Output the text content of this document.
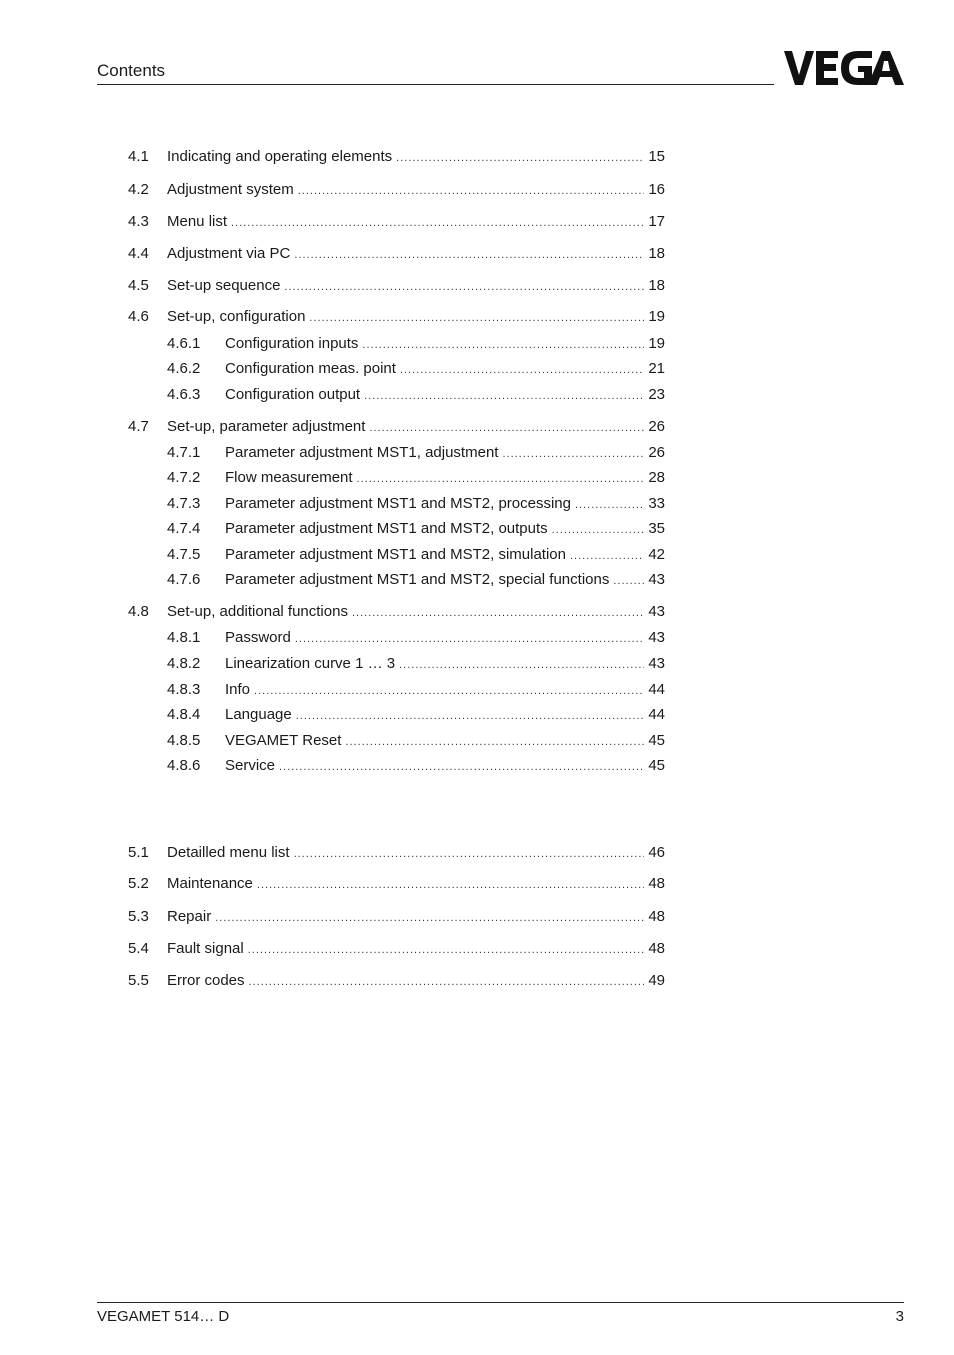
Contents
4.1 Indicating and operating elements .....	15
4.2 Adjustment system .....	16
4.3 Menu list .....	17
4.4 Adjustment via PC .....	18
4.5 Set-up sequence .....	18
4.6 Set-up, configuration .....	19
4.6.1 Configuration inputs .....	19
4.6.2 Configuration meas. point .....	21
4.6.3 Configuration output .....	23
4.7 Set-up, parameter adjustment .....	26
4.7.1 Parameter adjustment MST1, adjustment .....	26
4.7.2 Flow measurement .....	28
4.7.3 Parameter adjustment MST1 and MST2, processing .....	33
4.7.4 Parameter adjustment MST1 and MST2, outputs .....	35
4.7.5 Parameter adjustment MST1 and MST2, simulation .....	42
4.7.6 Parameter adjustment MST1 and MST2, special functions .....	43
4.8 Set-up, additional functions .....	43
4.8.1 Password .....	43
4.8.2 Linearization curve 1 … 3 .....	43
4.8.3 Info .....	44
4.8.4 Language .....	44
4.8.5 VEGAMET Reset .....	45
4.8.6 Service .....	45
5.1 Detailled menu list .....	46
5.2 Maintenance .....	48
5.3 Repair .....	48
5.4 Fault signal .....	48
5.5 Error codes .....	49
VEGAMET 514… D	3
